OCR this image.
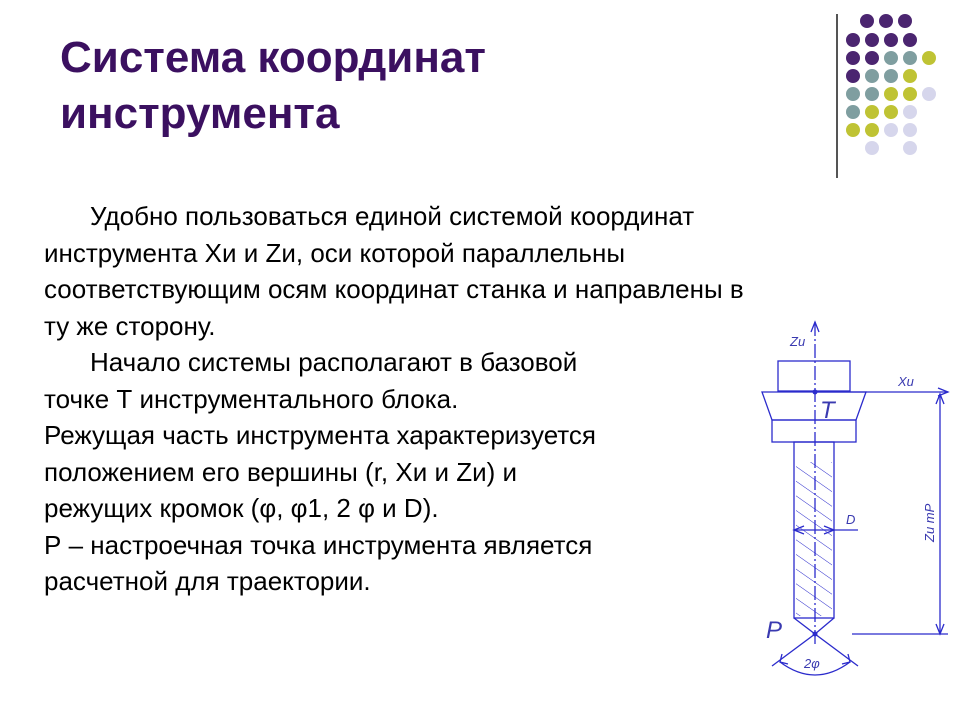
Система координат
инструмента
Удобно пользоваться единой системой координат
инструмента Хи и Zи, оси которой параллельны
соответствующим осям координат станка и направлены в
ту же сторону.
Начало системы располагают в базовой
точке Т инструментального блока.
Режущая часть инструмента характеризуется
положением его вершины (r, Хи и Zи) и
режущих кромок (φ, φ1, 2 φ и D).
Р – настроечная точка инструмента является
расчетной для траектории.
Zu
Xu
T
D	Zu тP
P
2φ
